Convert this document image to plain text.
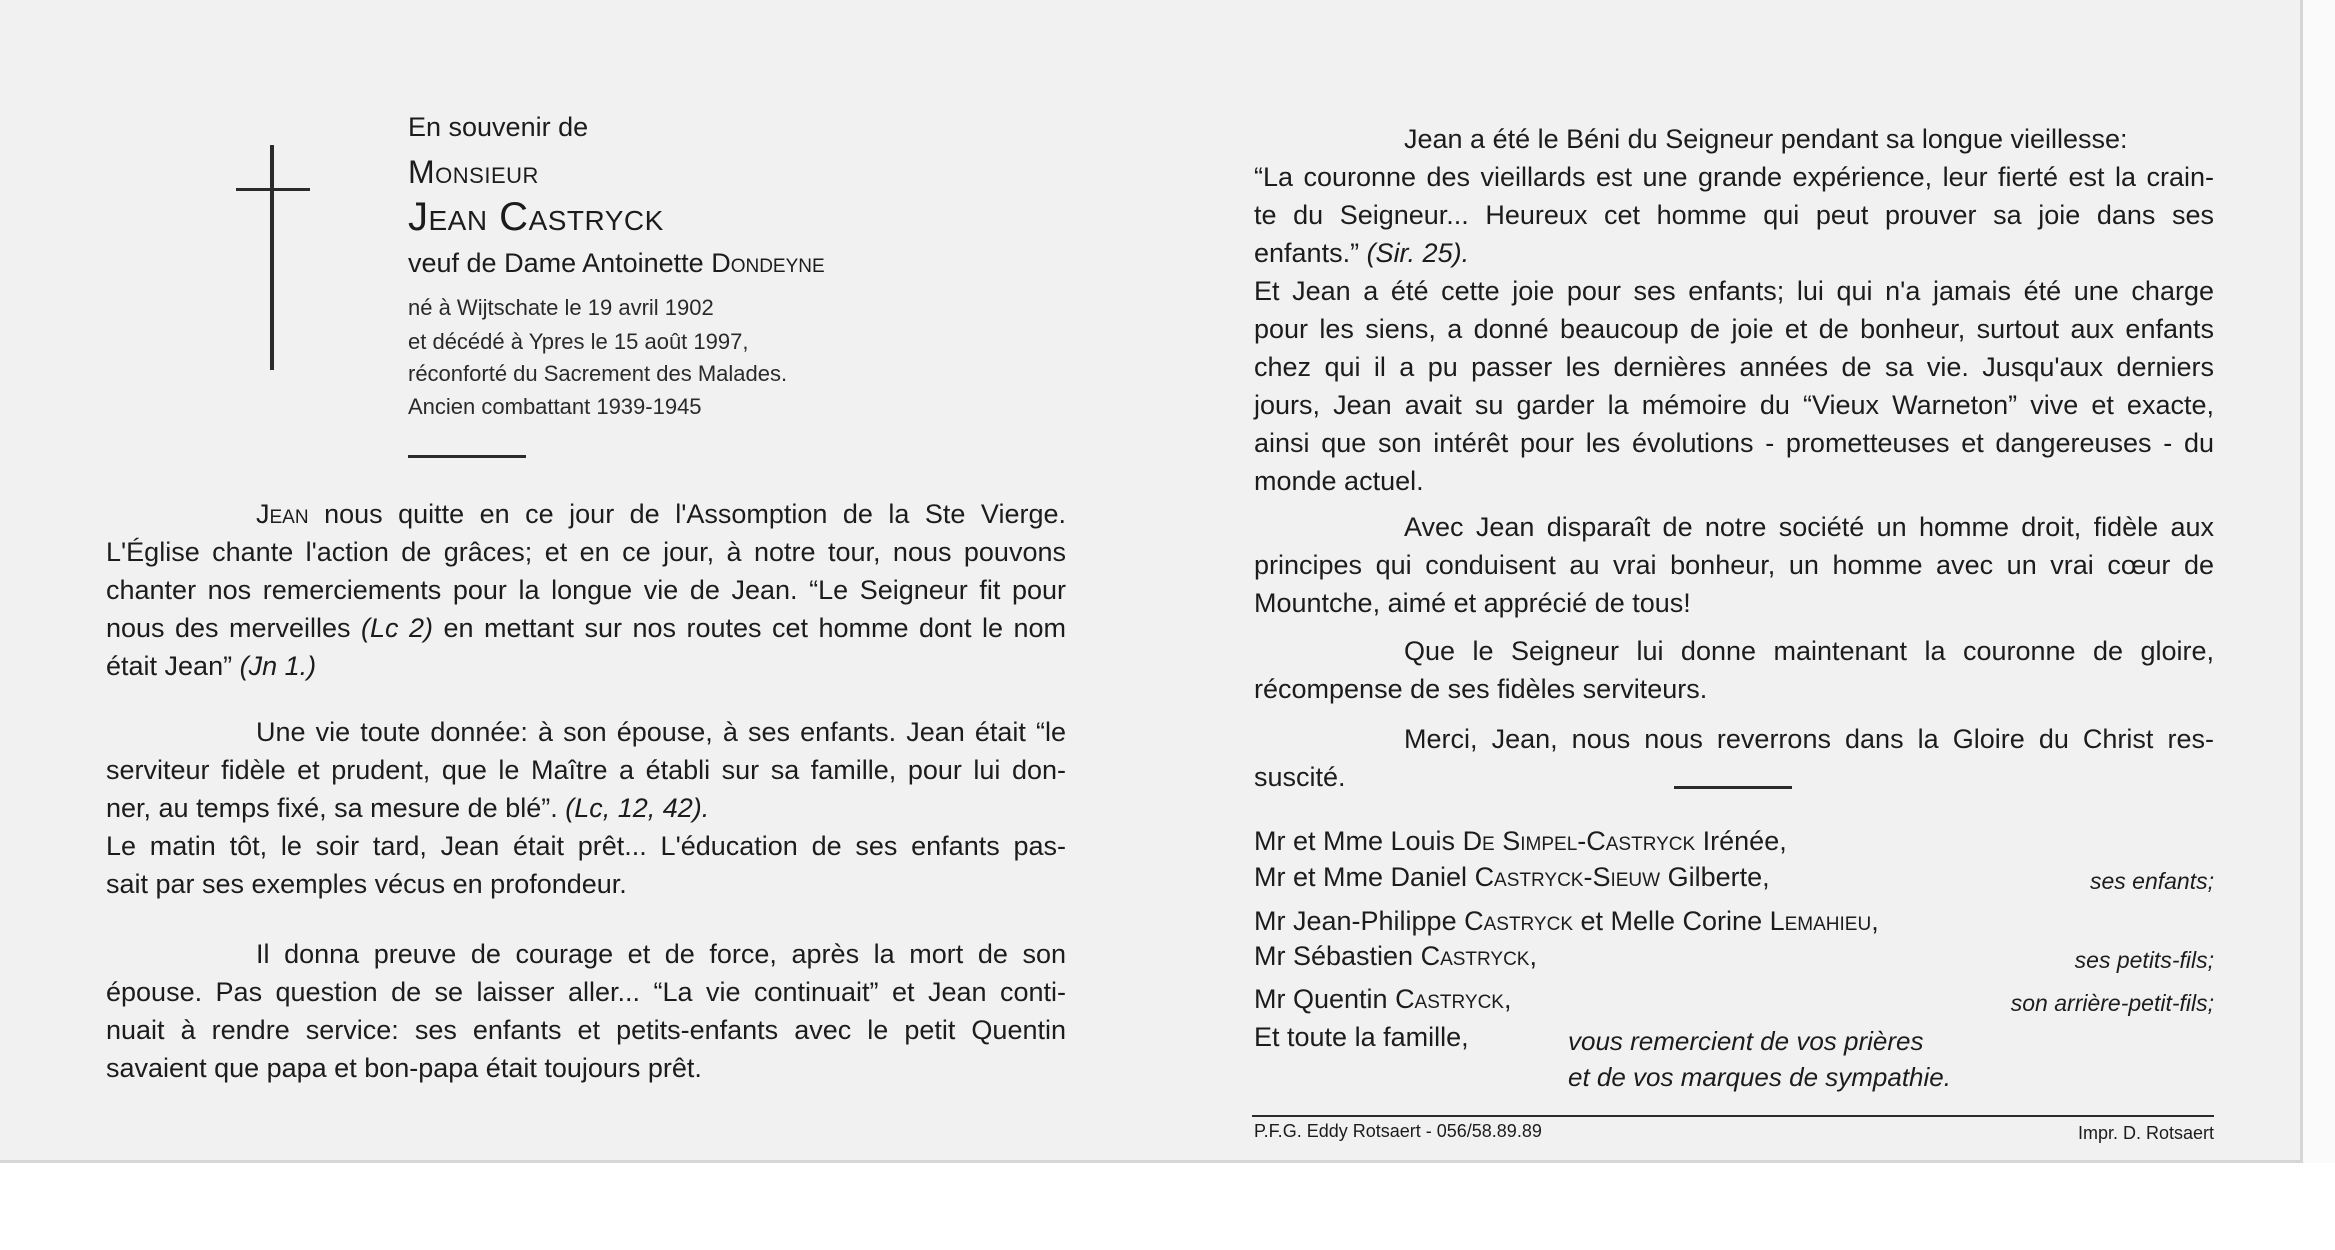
En souvenir de
Monsieur
Jean Castryck
veuf de Dame Antoinette Dondeyne
né à Wijtschate le 19 avril 1902
et décédé à Ypres le 15 août 1997,
réconforté du Sacrement des Malades.
Ancien combattant 1939-1945
Jean nous quitte en ce jour de l'Assomption de la Ste Vierge.
L'Église chante l'action de grâces; et en ce jour, à notre tour, nous pouvons
chanter nos remerciements pour la longue vie de Jean. “Le Seigneur fit pour
nous des merveilles (Lc 2) en mettant sur nos routes cet homme dont le nom
était Jean” (Jn 1.)
Une vie toute donnée: à son épouse, à ses enfants. Jean était “le
serviteur fidèle et prudent, que le Maître a établi sur sa famille, pour lui don-
ner, au temps fixé, sa mesure de blé”. (Lc, 12, 42).
Le matin tôt, le soir tard, Jean était prêt... L'éducation de ses enfants pas-
sait par ses exemples vécus en profondeur.
Il donna preuve de courage et de force, après la mort de son
épouse. Pas question de se laisser aller... “La vie continuait” et Jean conti-
nuait à rendre service: ses enfants et petits-enfants avec le petit Quentin
savaient que papa et bon-papa était toujours prêt.
Jean a été le Béni du Seigneur pendant sa longue vieillesse:
“La couronne des vieillards est une grande expérience, leur fierté est la crain-
te du Seigneur... Heureux cet homme qui peut prouver sa joie dans ses
enfants.” (Sir. 25).
Et Jean a été cette joie pour ses enfants; lui qui n'a jamais été une charge
pour les siens, a donné beaucoup de joie et de bonheur, surtout aux enfants
chez qui il a pu passer les dernières années de sa vie. Jusqu'aux derniers
jours, Jean avait su garder la mémoire du “Vieux Warneton” vive et exacte,
ainsi que son intérêt pour les évolutions - prometteuses et dangereuses - du
monde actuel.
Avec Jean disparaît de notre société un homme droit, fidèle aux
principes qui conduisent au vrai bonheur, un homme avec un vrai cœur de
Mountche, aimé et apprécié de tous!
Que le Seigneur lui donne maintenant la couronne de gloire,
récompense de ses fidèles serviteurs.
Merci, Jean, nous nous reverrons dans la Gloire du Christ res-
suscité.
Mr et Mme Louis De Simpel-Castryck Irénée,
Mr et Mme Daniel Castryck-Sieuw Gilberte,	ses enfants;
Mr Jean-Philippe Castryck et Melle Corine Lemahieu,
Mr Sébastien Castryck,	ses petits-fils;
Mr Quentin Castryck,	son arrière-petit-fils;
Et toute la famille,	vous remercient de vos prières
et de vos marques de sympathie.
P.F.G. Eddy Rotsaert - 056/58.89.89	Impr. D. Rotsaert
